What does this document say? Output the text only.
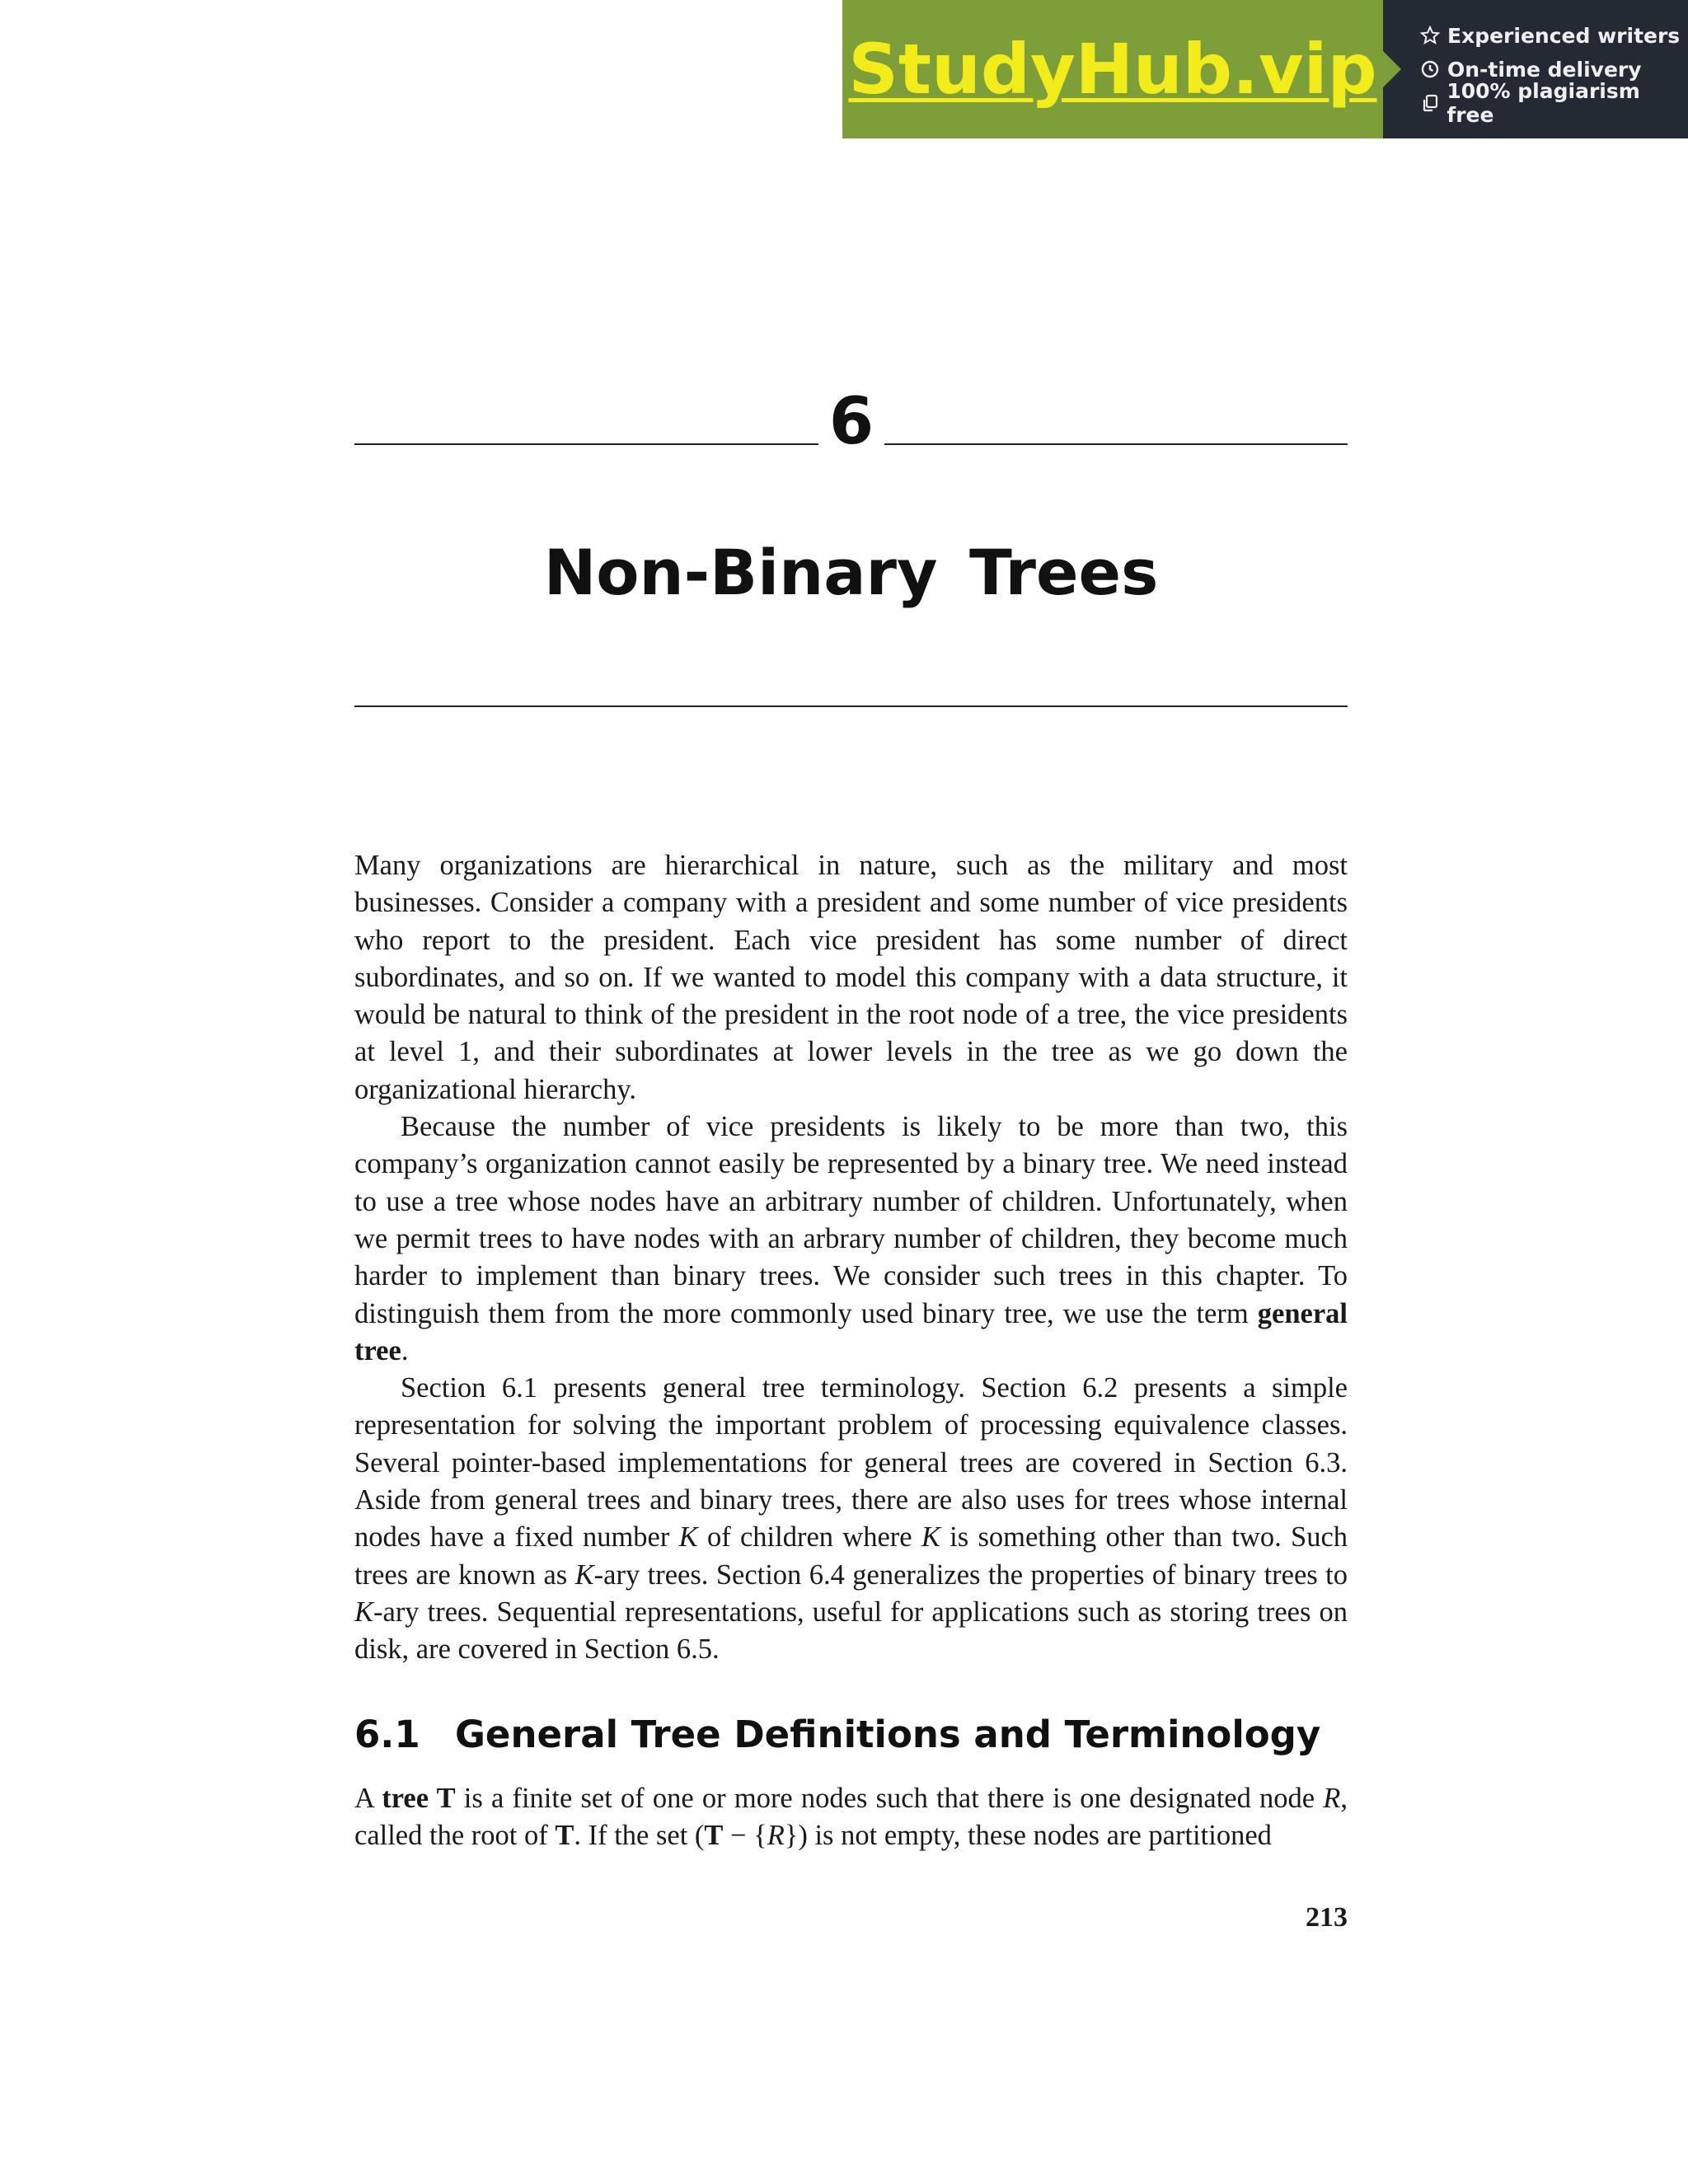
StudyHub.vip	Experienced writers
On-time delivery
100% plagiarism free
6
Non-Binary Trees

Many organizations are hierarchical in nature, such as the military and most businesses. Consider a company with a president and some number of vice presidents who report to the president. Each vice president has some number of direct subordinates, and so on. If we wanted to model this company with a data structure, it would be natural to think of the president in the root node of a tree, the vice presidents at level 1, and their subordinates at lower levels in the tree as we go down the organizational hierarchy.

Because the number of vice presidents is likely to be more than two, this company’s organization cannot easily be represented by a binary tree. We need instead to use a tree whose nodes have an arbitrary number of children. Unfortunately, when we permit trees to have nodes with an arbrary number of children, they become much harder to implement than binary trees. We consider such trees in this chapter. To distinguish them from the more commonly used binary tree, we use the term general tree.

Section 6.1 presents general tree terminology. Section 6.2 presents a simple representation for solving the important problem of processing equivalence classes. Several pointer-based implementations for general trees are covered in Section 6.3. Aside from general trees and binary trees, there are also uses for trees whose internal nodes have a fixed number K of children where K is something other than two. Such trees are known as K-ary trees. Section 6.4 generalizes the properties of binary trees to K-ary trees. Sequential representations, useful for applications such as storing trees on disk, are covered in Section 6.5.

6.1 General Tree Definitions and Terminology

A tree T is a finite set of one or more nodes such that there is one designated node R, called the root of T. If the set (T − {R}) is not empty, these nodes are partitioned

213
